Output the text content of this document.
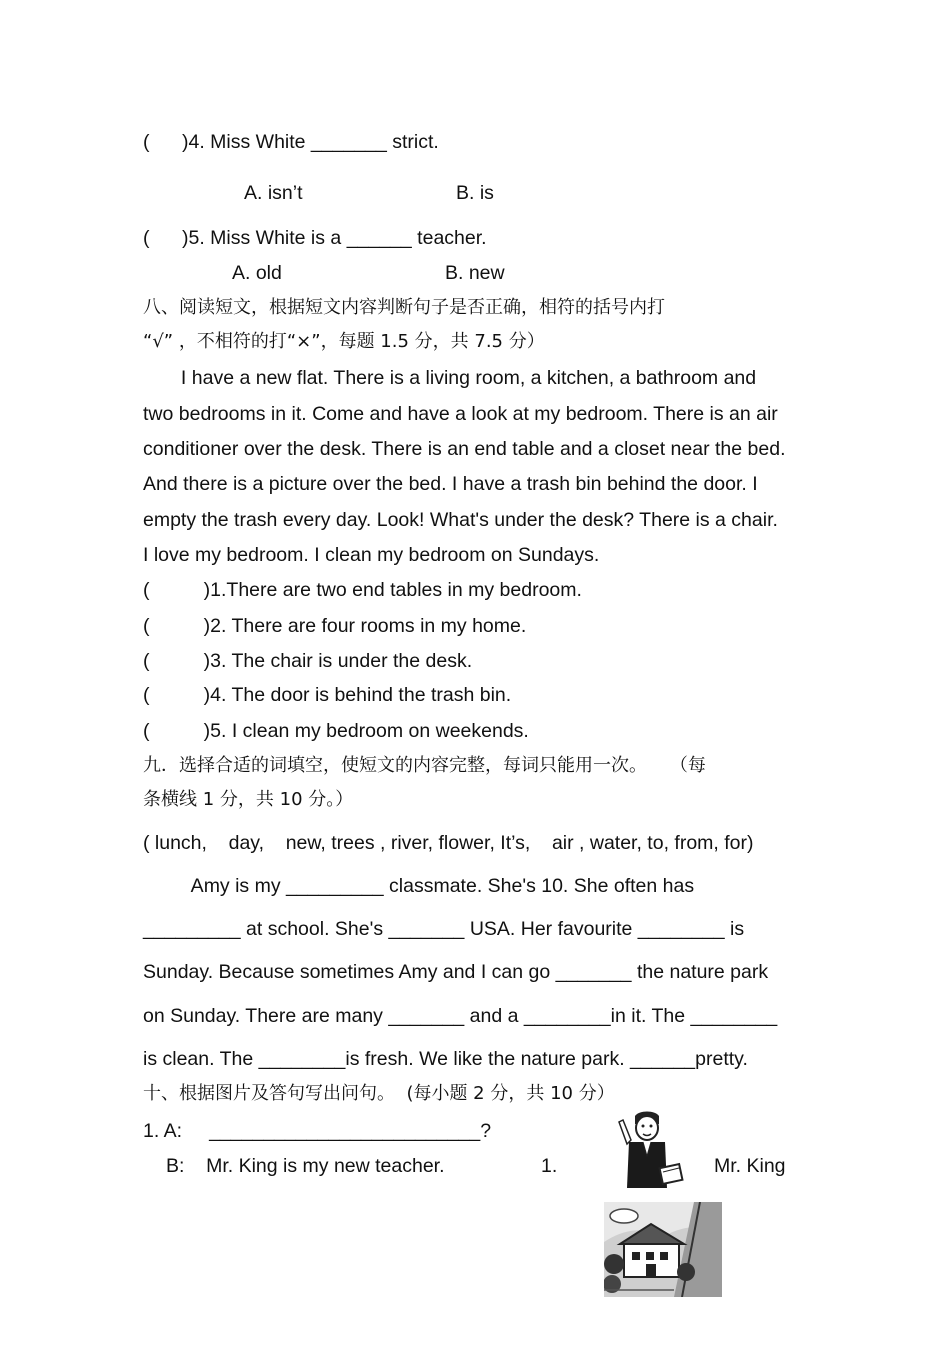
(      )4. Miss White _______ strict.
A. isn’t	B. is
(      )5. Miss White is a ______ teacher.
A. old	B. new
八、阅读短文，根据短文内容判断句子是否正确，相符的括号内打
“√” ，不相符的打“×”，每题 1.5 分，共 7.5 分）
I have a new flat. There is a living room, a kitchen, a bathroom and
two bedrooms in it. Come and have a look at my bedroom. There is an air
conditioner over the desk. There is an end table and a closet near the bed.
And there is a picture over the bed. I have a trash bin behind the door. I
empty the trash every day. Look! What's under the desk? There is a chair.
I love my bedroom. I clean my bedroom on Sundays.
(          )1.There are two end tables in my bedroom.
(          )2. There are four rooms in my home.
(          )3. The chair is under the desk.
(          )4. The door is behind the trash bin.
(          )5. I clean my bedroom on weekends.
九．选择合适的词填空，使短文的内容完整，每词只能用一次。    （每
条横线 1 分，共 10 分。）
( lunch,    day,    new, trees , river, flower, It’s,    air , water, to, from, for)
Amy is my _________ classmate. She's 10. She often has
_________ at school. She's _______ USA. Her favourite ________ is
Sunday. Because sometimes Amy and I can go _______ the nature park
on Sunday. There are many _______ and a ________in it. The ________
is clean. The ________is fresh. We like the nature park. ______pretty.
十、根据图片及答句写出问句。  (每小题 2 分，共 10 分）
1. A:     _________________________?
B:    Mr. King is my new teacher.	1.	Mr. King
